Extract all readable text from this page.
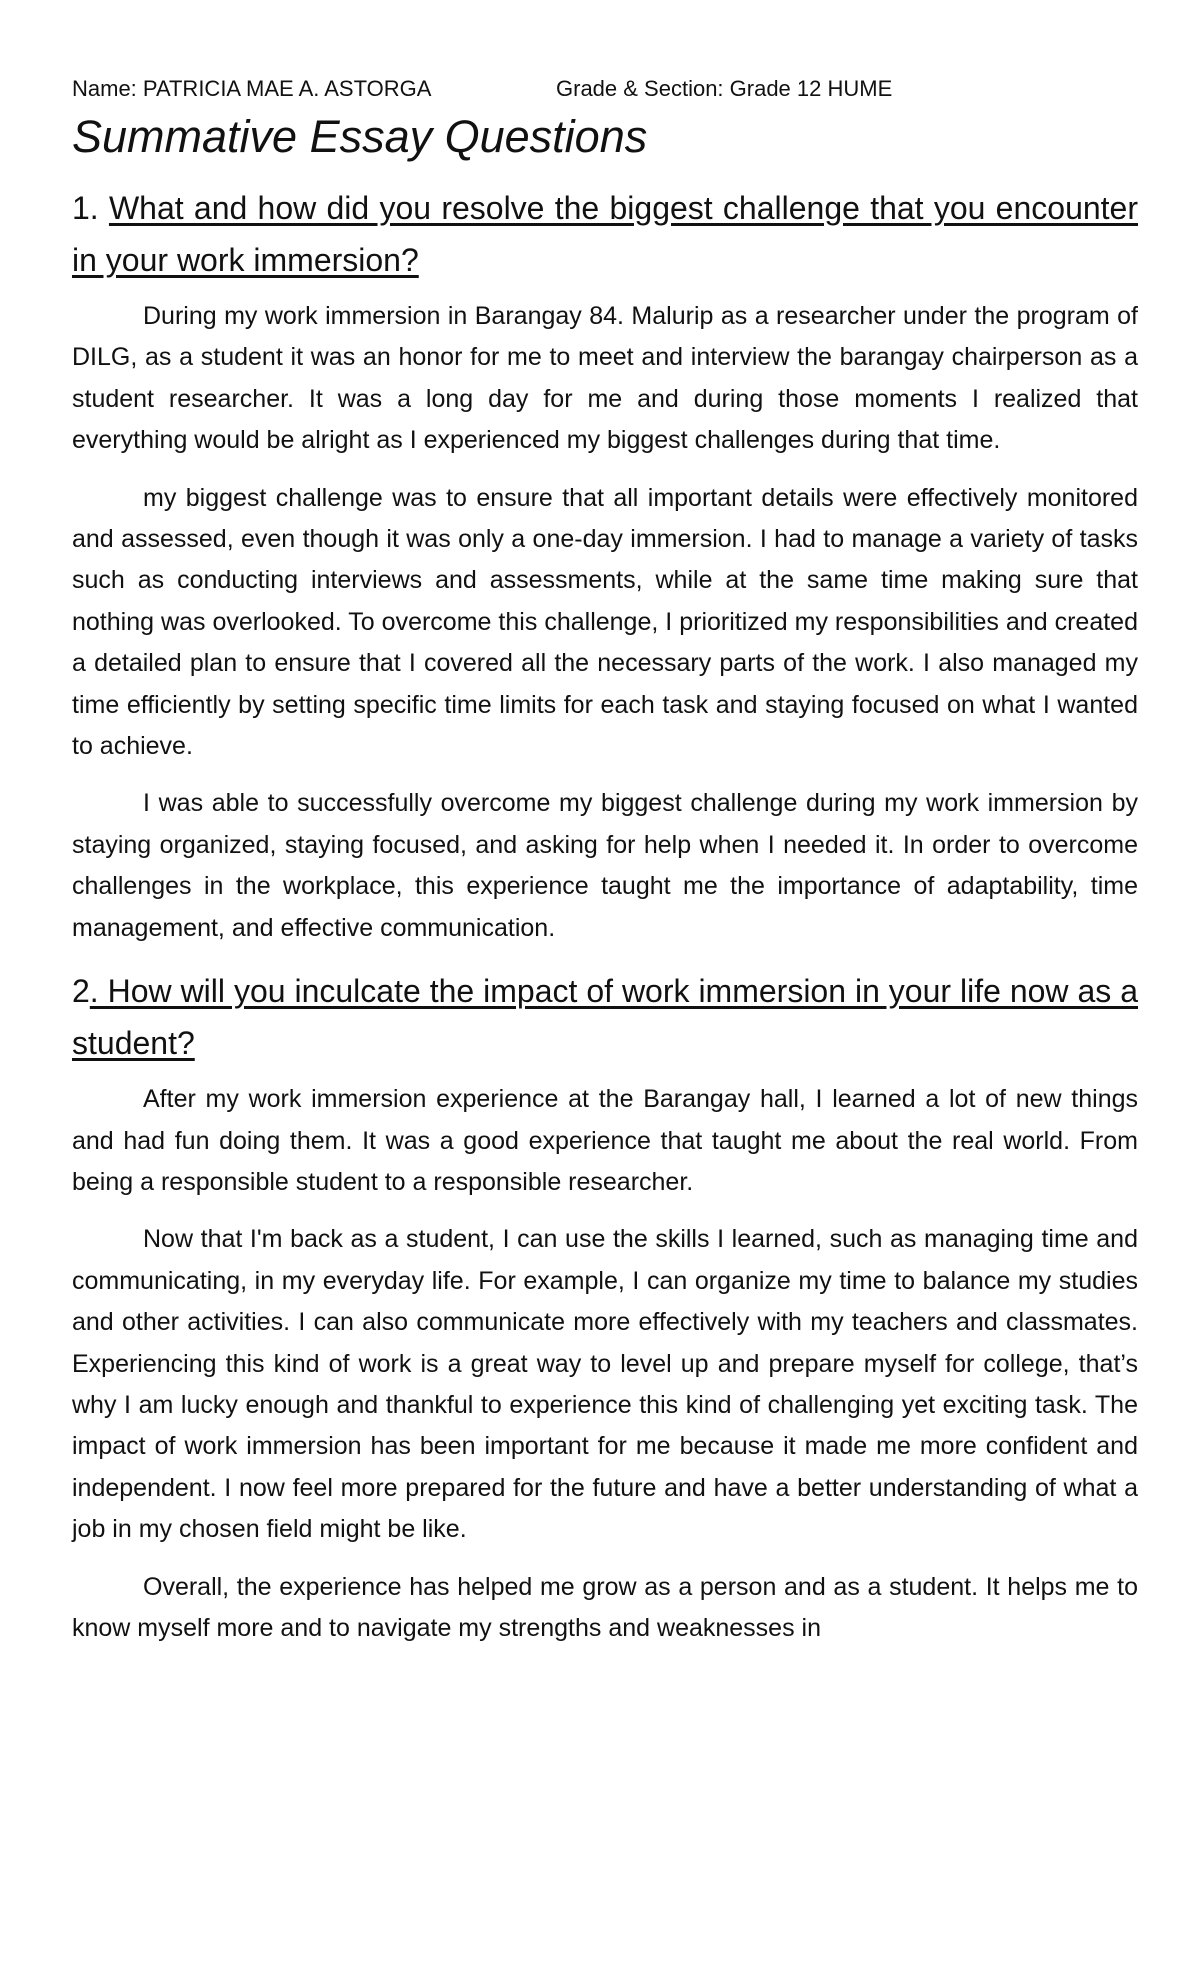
Name: PATRICIA MAE A. ASTORGA	Grade & Section: Grade 12 HUME
Summative Essay Questions
1. What and how did you resolve the biggest challenge that you encounter in your work immersion?

During my work immersion in Barangay 84. Malurip as a researcher under the program of DILG, as a student it was an honor for me to meet and interview the barangay chairperson as a student researcher. It was a long day for me and during those moments I realized that everything would be alright as I experienced my biggest challenges during that time.

my biggest challenge was to ensure that all important details were effectively monitored and assessed, even though it was only a one-day immersion. I had to manage a variety of tasks such as conducting interviews and assessments, while at the same time making sure that nothing was overlooked. To overcome this challenge, I prioritized my responsibilities and created a detailed plan to ensure that I covered all the necessary parts of the work. I also managed my time efficiently by setting specific time limits for each task and staying focused on what I wanted to achieve.

I was able to successfully overcome my biggest challenge during my work immersion by staying organized, staying focused, and asking for help when I needed it. In order to overcome challenges in the workplace, this experience taught me the importance of adaptability, time management, and effective communication.

2. How will you inculcate the impact of work immersion in your life now as a student?

After my work immersion experience at the Barangay hall, I learned a lot of new things and had fun doing them. It was a good experience that taught me about the real world. From being a responsible student to a responsible researcher.

Now that I'm back as a student, I can use the skills I learned, such as managing time and communicating, in my everyday life. For example, I can organize my time to balance my studies and other activities. I can also communicate more effectively with my teachers and classmates. Experiencing this kind of work is a great way to level up and prepare myself for college, that’s why I am lucky enough and thankful to experience this kind of challenging yet exciting task. The impact of work immersion has been important for me because it made me more confident and independent. I now feel more prepared for the future and have a better understanding of what a job in my chosen field might be like.

Overall, the experience has helped me grow as a person and as a student. It helps me to know myself more and to navigate my strengths and weaknesses in
